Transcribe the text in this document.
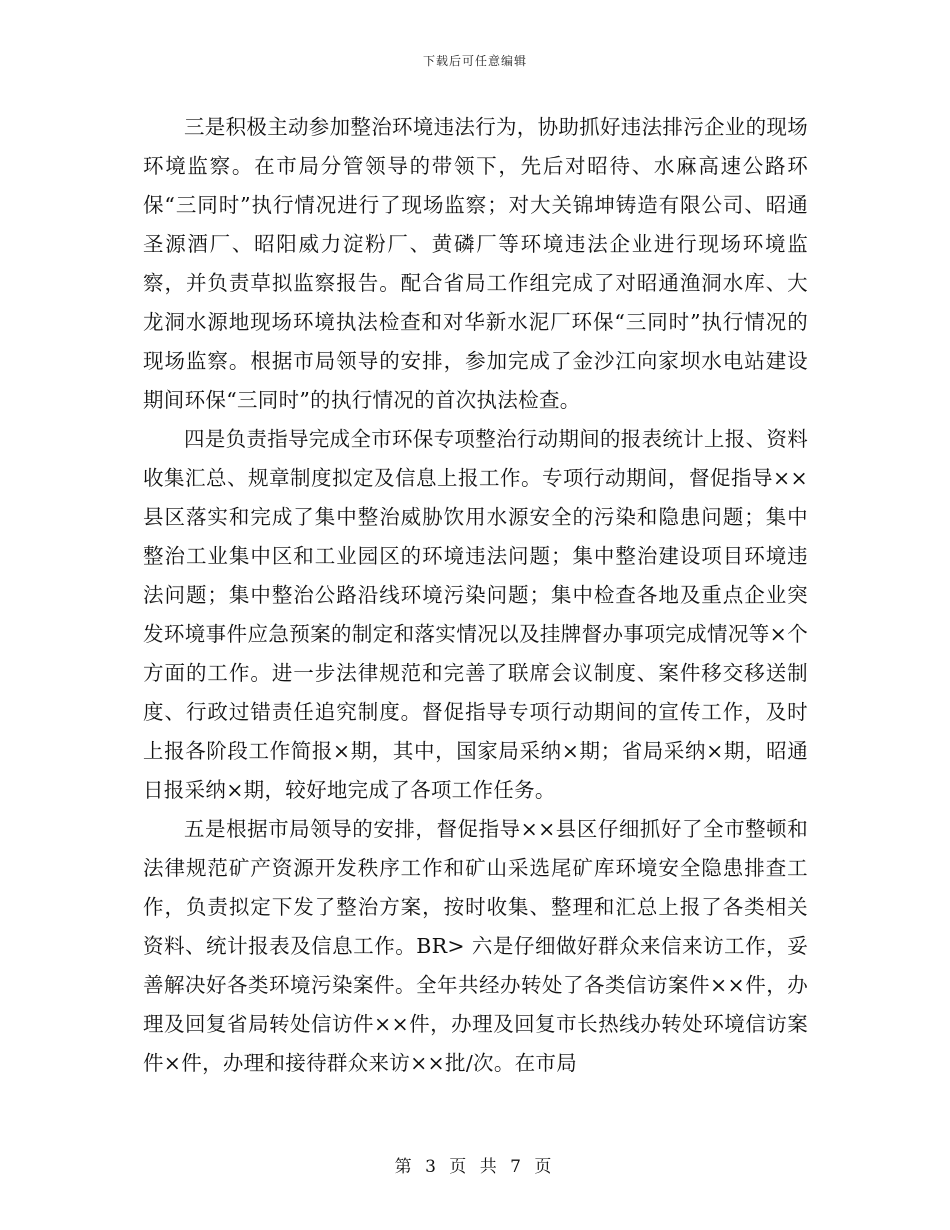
下载后可任意编辑

三是积极主动参加整治环境违法行为，协助抓好违法排污企业的现场环境监察。在市局分管领导的带领下，先后对昭待、水麻高速公路环保“三同时”执行情况进行了现场监察；对大关锦坤铸造有限公司、昭通圣源酒厂、昭阳威力淀粉厂、黄磷厂等环境违法企业进行现场环境监察，并负责草拟监察报告。配合省局工作组完成了对昭通渔洞水库、大龙洞水源地现场环境执法检查和对华新水泥厂环保“三同时”执行情况的现场监察。根据市局领导的安排，参加完成了金沙江向家坝水电站建设期间环保“三同时”的执行情况的首次执法检查。

四是负责指导完成全市环保专项整治行动期间的报表统计上报、资料收集汇总、规章制度拟定及信息上报工作。专项行动期间，督促指导××县区落实和完成了集中整治威胁饮用水源安全的污染和隐患问题；集中整治工业集中区和工业园区的环境违法问题；集中整治建设项目环境违法问题；集中整治公路沿线环境污染问题；集中检查各地及重点企业突发环境事件应急预案的制定和落实情况以及挂牌督办事项完成情况等×个方面的工作。进一步法律规范和完善了联席会议制度、案件移交移送制度、行政过错责任追究制度。督促指导专项行动期间的宣传工作，及时上报各阶段工作简报×期，其中，国家局采纳×期；省局采纳×期，昭通日报采纳×期，较好地完成了各项工作任务。

五是根据市局领导的安排，督促指导××县区仔细抓好了全市整顿和法律规范矿产资源开发秩序工作和矿山采选尾矿库环境安全隐患排查工作，负责拟定下发了整治方案，按时收集、整理和汇总上报了各类相关资料、统计报表及信息工作。BR> 六是仔细做好群众来信来访工作，妥善解决好各类环境污染案件。全年共经办转处了各类信访案件××件，办理及回复省局转处信访件××件，办理及回复市长热线办转处环境信访案件×件，办理和接待群众来访××批/次。在市局

第 3 页 共 7 页
